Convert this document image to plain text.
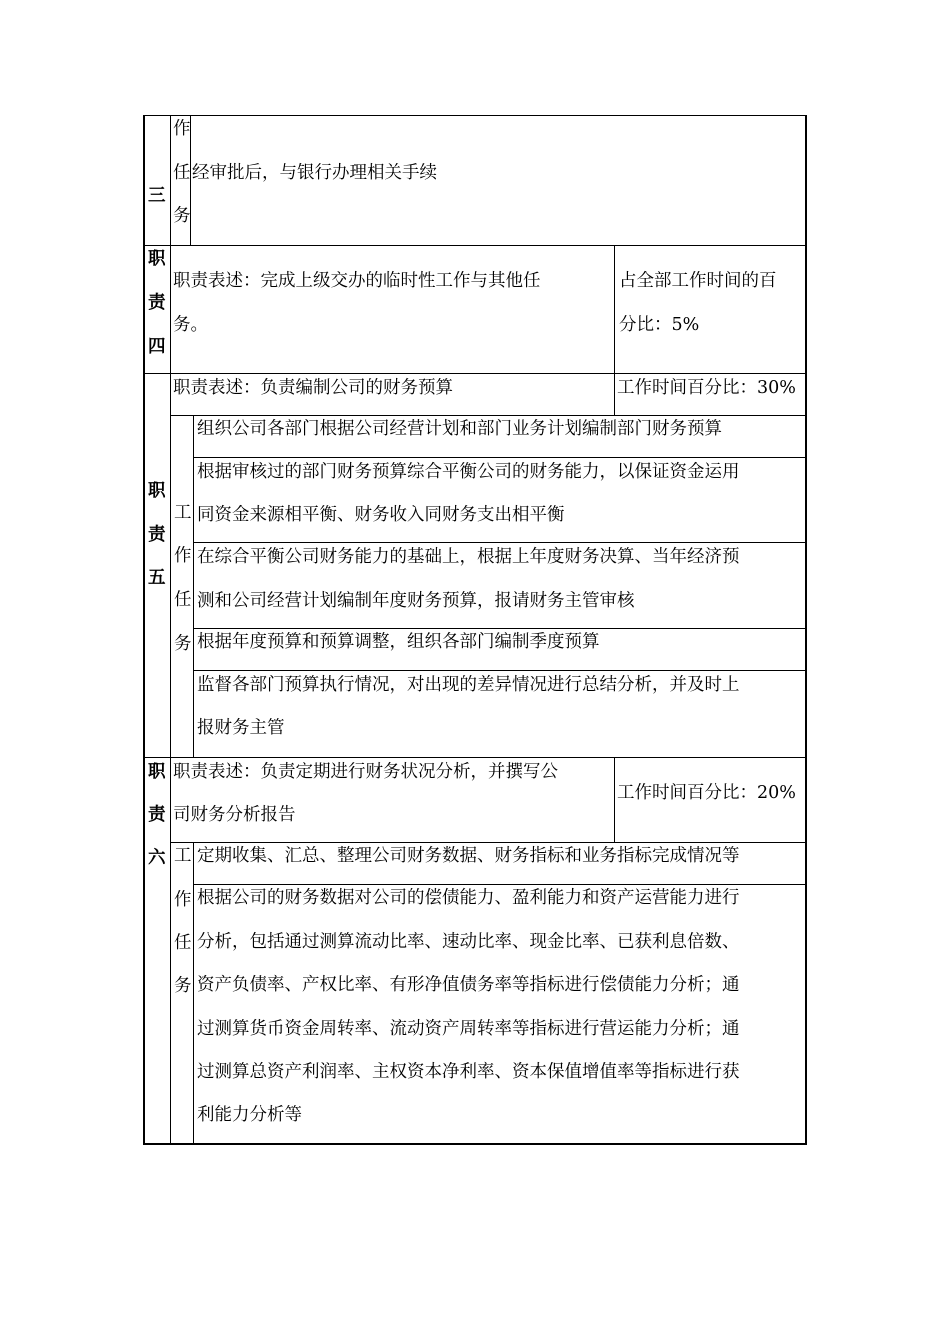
三
作
任
务
经审批后，与银行办理相关手续
职
责
四
职责表述：完成上级交办的临时性工作与其他任
务。
占全部工作时间的百
分比：5%
职
责
五
职责表述：负责编制公司的财务预算	工作时间百分比：30%
工
作
任
务
组织公司各部门根据公司经营计划和部门业务计划编制部门财务预算
根据审核过的部门财务预算综合平衡公司的财务能力，以保证资金运用
同资金来源相平衡、财务收入同财务支出相平衡
在综合平衡公司财务能力的基础上，根据上年度财务决算、当年经济预
测和公司经营计划编制年度财务预算，报请财务主管审核
根据年度预算和预算调整，组织各部门编制季度预算
监督各部门预算执行情况，对出现的差异情况进行总结分析，并及时上
报财务主管
职
责
六
职责表述：负责定期进行财务状况分析，并撰写公
司财务分析报告
工作时间百分比：20%
工
作
任
务
定期收集、汇总、整理公司财务数据、财务指标和业务指标完成情况等
根据公司的财务数据对公司的偿债能力、盈利能力和资产运营能力进行
分析，包括通过测算流动比率、速动比率、现金比率、已获利息倍数、
资产负债率、产权比率、有形净值债务率等指标进行偿债能力分析；通
过测算货币资金周转率、流动资产周转率等指标进行营运能力分析；通
过测算总资产利润率、主权资本净利率、资本保值增值率等指标进行获
利能力分析等
